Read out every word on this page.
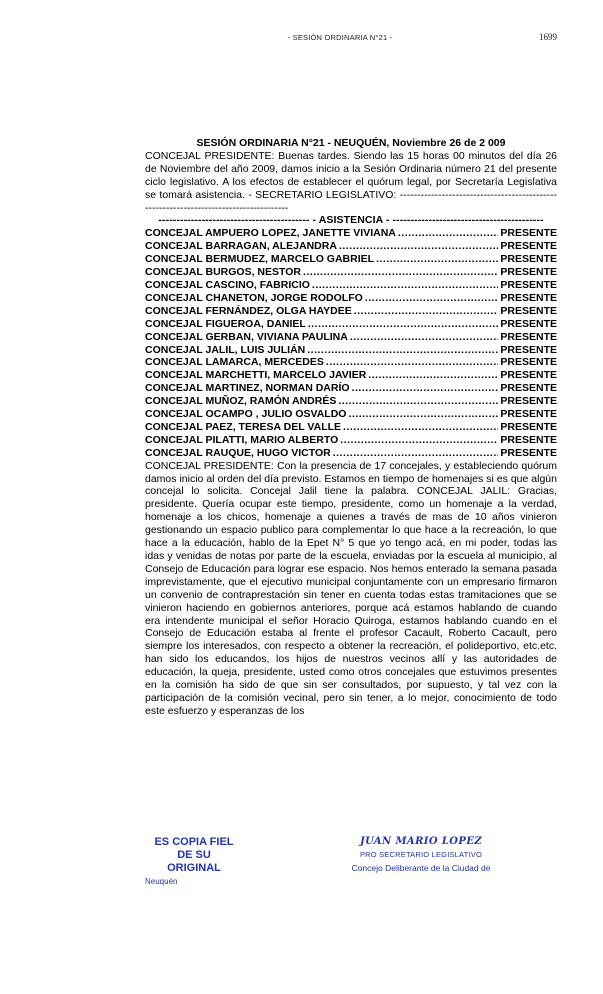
- SESIÓN ORDINARIA N°21 -	1699
SESIÓN ORDINARIA N°21 - NEUQUÉN, Noviembre 26 de 2 009

CONCEJAL PRESIDENTE: Buenas tardes. Siendo las 15 horas 00 minutos del día 26 de Noviembre del año 2009, damos inicio a la Sesión Ordinaria número 21 del presente ciclo legislativo. A los efectos de establecer el quórum legal, por Secretaría Legislativa se tomará asistencia. - SECRETARIO LEGISLATIVO: --------------------------------------------------------------------------------------

------------------------------------------ - ASISTENCIA - ------------------------------------------
CONCEJAL AMPUERO LOPEZ, JANETTE VIVIANA .....	PRESENTE
CONCEJAL BARRAGAN, ALEJANDRA .....	PRESENTE
CONCEJAL BERMUDEZ, MARCELO GABRIEL .....	PRESENTE
CONCEJAL BURGOS, NESTOR .....	PRESENTE
CONCEJAL CASCINO, FABRICIO .....	PRESENTE
CONCEJAL CHANETON, JORGE RODOLFO .....	PRESENTE
CONCEJAL FERNÁNDEZ, OLGA HAYDEE .....	PRESENTE
CONCEJAL FIGUEROA, DANIEL .....	PRESENTE
CONCEJAL GERBAN, VIVIANA PAULINA .....	PRESENTE
CONCEJAL JALIL, LUIS JULIÁN .....	PRESENTE
CONCEJAL LAMARCA, MERCEDES .....	PRESENTE
CONCEJAL MARCHETTI, MARCELO JAVIER .....	PRESENTE
CONCEJAL MARTINEZ, NORMAN DARÍO .....	PRESENTE
CONCEJAL MUÑOZ, RAMÓN ANDRÉS .....	PRESENTE
CONCEJAL OCAMPO , JULIO OSVALDO .....	PRESENTE
CONCEJAL PAEZ, TERESA DEL VALLE .....	PRESENTE
CONCEJAL PILATTI, MARIO ALBERTO .....	PRESENTE
CONCEJAL RAUQUE, HUGO VICTOR .....	PRESENTE

CONCEJAL PRESIDENTE: Con la presencia de 17 concejales, y estableciendo quórum damos inicio al orden del día previsto. Estamos en tiempo de homenajes si es que algún concejal lo solicita. Concejal Jalil tiene la palabra. CONCEJAL JALIL: Gracias, presidente. Quería ocupar este tiempo, presidente, como un homenaje a la verdad, homenaje a los chicos, homenaje a quienes a través de mas de 10 años vinieron gestionando un espacio publico para complementar lo que hace a la recreación, lo que hace a la educación, hablo de la Epet N° 5 que yo tengo acá, en mi poder, todas las idas y venidas de notas por parte de la escuela, enviadas por la escuela al municipio, al Consejo de Educación para lograr ese espacio. Nos hemos enterado la semana pasada imprevistamente, que el ejecutivo municipal conjuntamente con un empresario firmaron un convenio de contraprestación sin tener en cuenta todas estas tramitaciones que se vinieron haciendo en gobiernos anteriores, porque acá estamos hablando de cuando era intendente municipal el señor Horacio Quiroga, estamos hablando cuando en el Consejo de Educación estaba al frente el profesor Cacault, Roberto Cacault, pero siempre los interesados, con respecto a obtener la recreación, el polideportivo, etc.etc. han sido los educandos, los hijos de nuestros vecinos allí y las autoridades de educación, la queja, presidente, usted como otros concejales que estuvimos presentes en la comisión ha sido de que sin ser consultados, por supuesto, y tal vez con la participación de la comisión vecinal, pero sin tener, a lo mejor, conocimiento de todo este esfuerzo y esperanzas de los

ES COPIA FIEL
DE SU
ORIGINAL
Neuquén
JUAN MARIO LOPEZ
PRO SECRETARIO LEGISLATIVO
Concejo Deliberante de la Ciudad de
